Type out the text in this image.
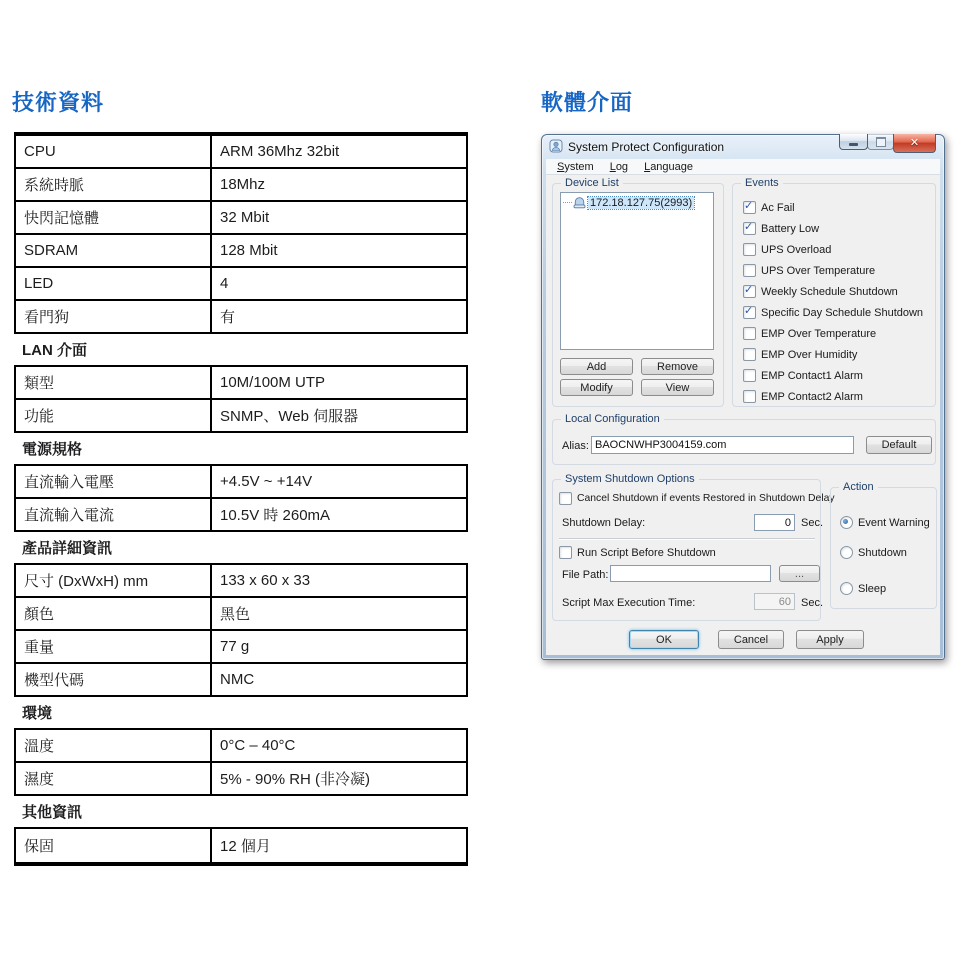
技術資料	軟體介面
CPU	ARM 36Mhz 32bit
系統時脈	18Mhz
快閃記憶體	32 Mbit
SDRAM	128 Mbit
LED	4
看門狗	有
LAN 介面
類型	10M/100M UTP
功能	SNMP、Web 伺服器
電源規格
直流輸入電壓	+4.5V ~ +14V
直流輸入電流	10.5V 時 260mA
產品詳細資訊
尺寸 (DxWxH) mm	133 x 60 x 33
顏色	黑色
重量	77 g
機型代碼	NMC
環境
溫度	0°C – 40°C
濕度	5% - 90% RH (非冷凝)
其他資訊
保固	12 個月
System Protect Configuration	✕
System	Log	Language
Device List
172.18.127.75(2993)
Add	Remove
Modify	View
Events
✓
Ac Fail
✓
Battery Low
UPS Overload
UPS Over Temperature
✓
Weekly Schedule Shutdown
✓
Specific Day Schedule Shutdown
EMP Over Temperature
EMP Over Humidity
EMP Contact1 Alarm
EMP Contact2 Alarm
Local Configuration
Alias:
BAOCNWHP3004159.com	Default
System Shutdown Options
Cancel Shutdown if events Restored in Shutdown Delay
Shutdown Delay:
0	Sec.
Run Script Before Shutdown
File Path:	...
Script Max Execution Time:
60	Sec.
Action
Event Warning
Shutdown
Sleep
OK	Cancel	Apply
